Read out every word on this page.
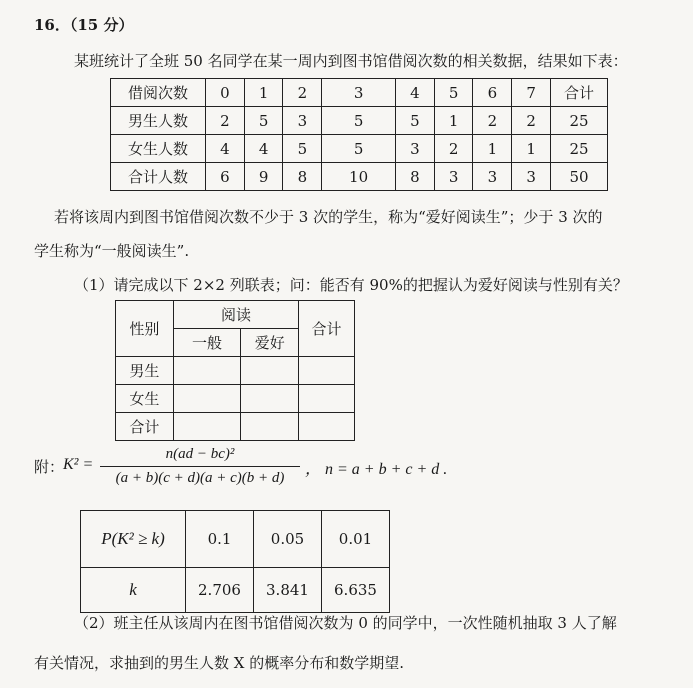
16．（15 分）
某班统计了全班 50 名同学在某一周内到图书馆借阅次数的相关数据，结果如下表：
借阅次数	0	1	2	3	4	5	6	7	合计
男生人数	2	5	3	5	5	1	2	2	25
女生人数	4	4	5	5	3	2	1	1	25
合计人数	6	9	8	10	8	3	3	3	50
若将该周内到图书馆借阅次数不少于 3 次的学生，称为“爱好阅读生”；少于 3 次的
学生称为“一般阅读生”.
（1）请完成以下 2×2 列联表；问：能否有 90%的把握认为爱好阅读与性别有关？
性别	阅读		合计
	一般	爱好	
男生			
女生			
合计			
附：
$K^2 = \frac{\text{n(ad − bc)²}}{(a + b)(c + d)(a + c)(b + d)}$ ， n = a + b + c + d .
P(K² ≥ k)	0.1	0.05	0.01
k	2.706	3.841	6.635
（2）班主任从该周内在图书馆借阅次数为 0 的同学中，一次性随机抽取 3 人了解
有关情况，求抽到的男生人数 X 的概率分布和数学期望.
